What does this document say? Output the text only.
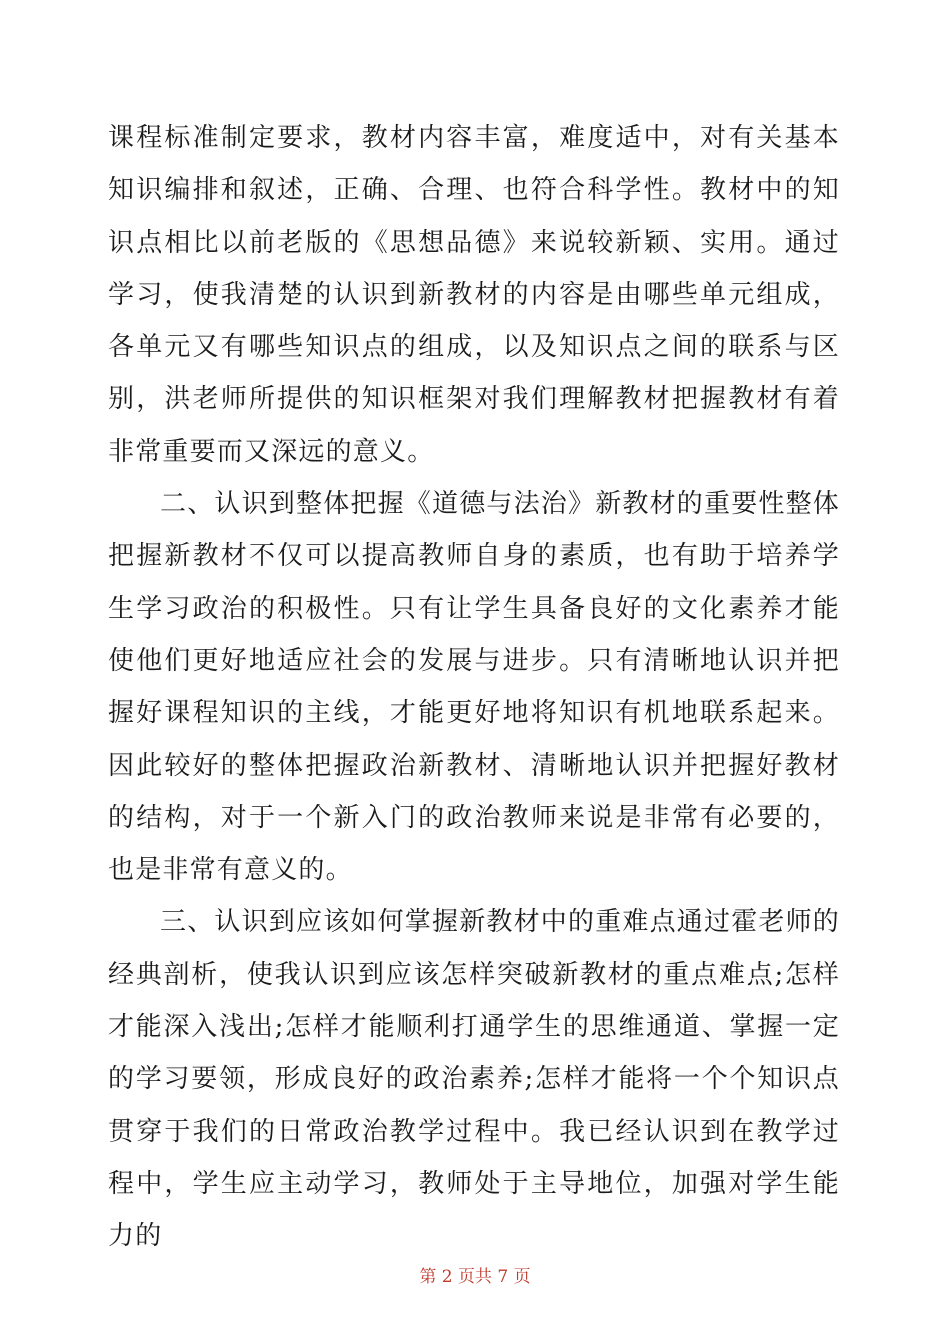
课程标准制定要求，教材内容丰富，难度适中，对有关基本知识编排和叙述，正确、合理、也符合科学性。教材中的知识点相比以前老版的《思想品德》来说较新颖、实用。通过学习，使我清楚的认识到新教材的内容是由哪些单元组成，各单元又有哪些知识点的组成，以及知识点之间的联系与区别，洪老师所提供的知识框架对我们理解教材把握教材有着非常重要而又深远的意义。

二、认识到整体把握《道德与法治》新教材的重要性整体把握新教材不仅可以提高教师自身的素质，也有助于培养学生学习政治的积极性。只有让学生具备良好的文化素养才能使他们更好地适应社会的发展与进步。只有清晰地认识并把握好课程知识的主线，才能更好地将知识有机地联系起来。因此较好的整体把握政治新教材、清晰地认识并把握好教材的结构，对于一个新入门的政治教师来说是非常有必要的，也是非常有意义的。

三、认识到应该如何掌握新教材中的重难点通过霍老师的经典剖析，使我认识到应该怎样突破新教材的重点难点;怎样才能深入浅出;怎样才能顺利打通学生的思维通道、掌握一定的学习要领，形成良好的政治素养;怎样才能将一个个知识点贯穿于我们的日常政治教学过程中。我已经认识到在教学过程中，学生应主动学习，教师处于主导地位，加强对学生能力的

第 2 页共 7 页
